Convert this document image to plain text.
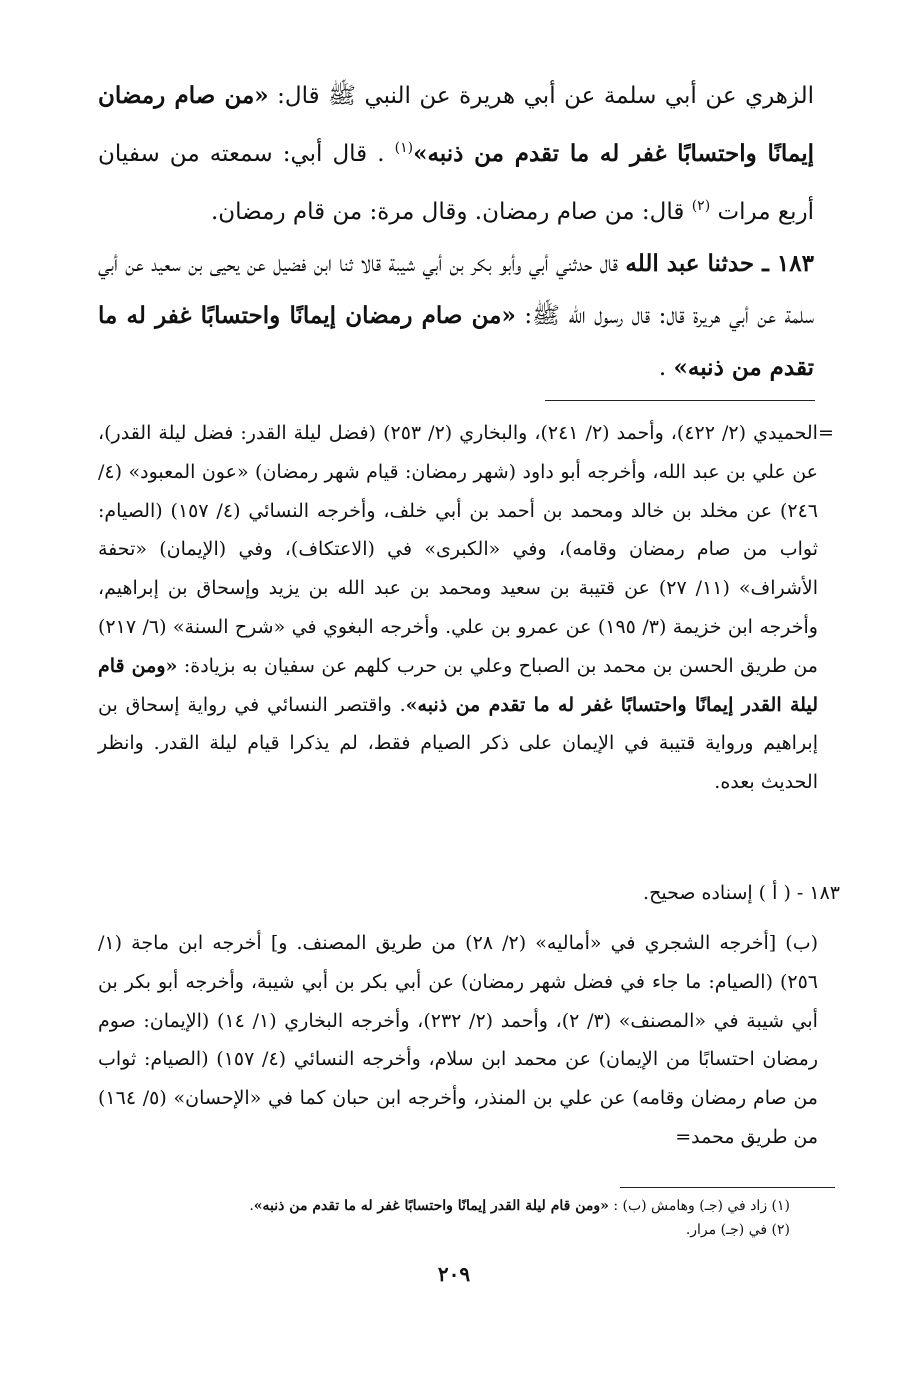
الزهري عن أبي سلمة عن أبي هريرة عن النبي ﷺ قال: «من صام رمضان إيمانًا واحتسابًا غفر له ما تقدم من ذنبه»$^{(١)}$ . قال أبي: سمعته من سفيان أربع مرات $^{(٢)}$ قال: من صام رمضان. وقال مرة: من قام رمضان.

١٨٣ ـ حدثنا عبد الله قال حدثني أبي وأبو بكر بن أبي شيبة قالا ثنا ابن فضيل عن يحيى بن سعيد عن أبي سلمة عن أبي هريرة قال: قال رسول الله ﷺ: «من صام رمضان إيمانًا واحتسابًا غفر له ما تقدم من ذنبه» .

=
الحميدي (٢/ ٤٢٢)، وأحمد (٢/ ٢٤١)، والبخاري (٢/ ٢٥٣) (فضل ليلة القدر: فضل ليلة القدر)، عن علي بن عبد الله، وأخرجه أبو داود (شهر رمضان: قيام شهر رمضان) «عون المعبود» (٤/ ٢٤٦) عن مخلد بن خالد ومحمد بن أحمد بن أبي خلف، وأخرجه النسائي (٤/ ١٥٧) (الصيام: ثواب من صام رمضان وقامه)، وفي «الكبرى» في (الاعتكاف)، وفي (الإيمان) «تحفة الأشراف» (١١/ ٢٧) عن قتيبة بن سعيد ومحمد بن عبد الله بن يزيد وإسحاق بن إبراهيم، وأخرجه ابن خزيمة (٣/ ١٩٥) عن عمرو بن علي. وأخرجه البغوي في «شرح السنة» (٦/ ٢١٧) من طريق الحسن بن محمد بن الصباح وعلي بن حرب كلهم عن سفيان به بزيادة: «ومن قام ليلة القدر إيمانًا واحتسابًا غفر له ما تقدم من ذنبه». واقتصر النسائي في رواية إسحاق بن إبراهيم ورواية قتيبة في الإيمان على ذكر الصيام فقط، لم يذكرا قيام ليلة القدر. وانظر الحديث بعده.
١٨٣ - ( أ ) إسناده صحيح.
(ب) [أخرجه الشجري في «أماليه» (٢/ ٢٨) من طريق المصنف. و] أخرجه ابن ماجة (١/ ٢٥٦) (الصيام: ما جاء في فضل شهر رمضان) عن أبي بكر بن أبي شيبة، وأخرجه أبو بكر بن أبي شيبة في «المصنف» (٣/ ٢)، وأحمد (٢/ ٢٣٢)، وأخرجه البخاري (١/ ١٤) (الإيمان: صوم رمضان احتسابًا من الإيمان) عن محمد ابن سلام، وأخرجه النسائي (٤/ ١٥٧) (الصيام: ثواب من صام رمضان وقامه) عن علي بن المنذر، وأخرجه ابن حبان كما في «الإحسان» (٥/ ١٦٤) من طريق محمد=
(١) زاد في (جـ) وهامش (ب) : «ومن قام ليلة القدر إيمانًا واحتسابًا غفر له ما تقدم من ذنبه».
(٢) في (جـ) مرار.
٢٠٩
